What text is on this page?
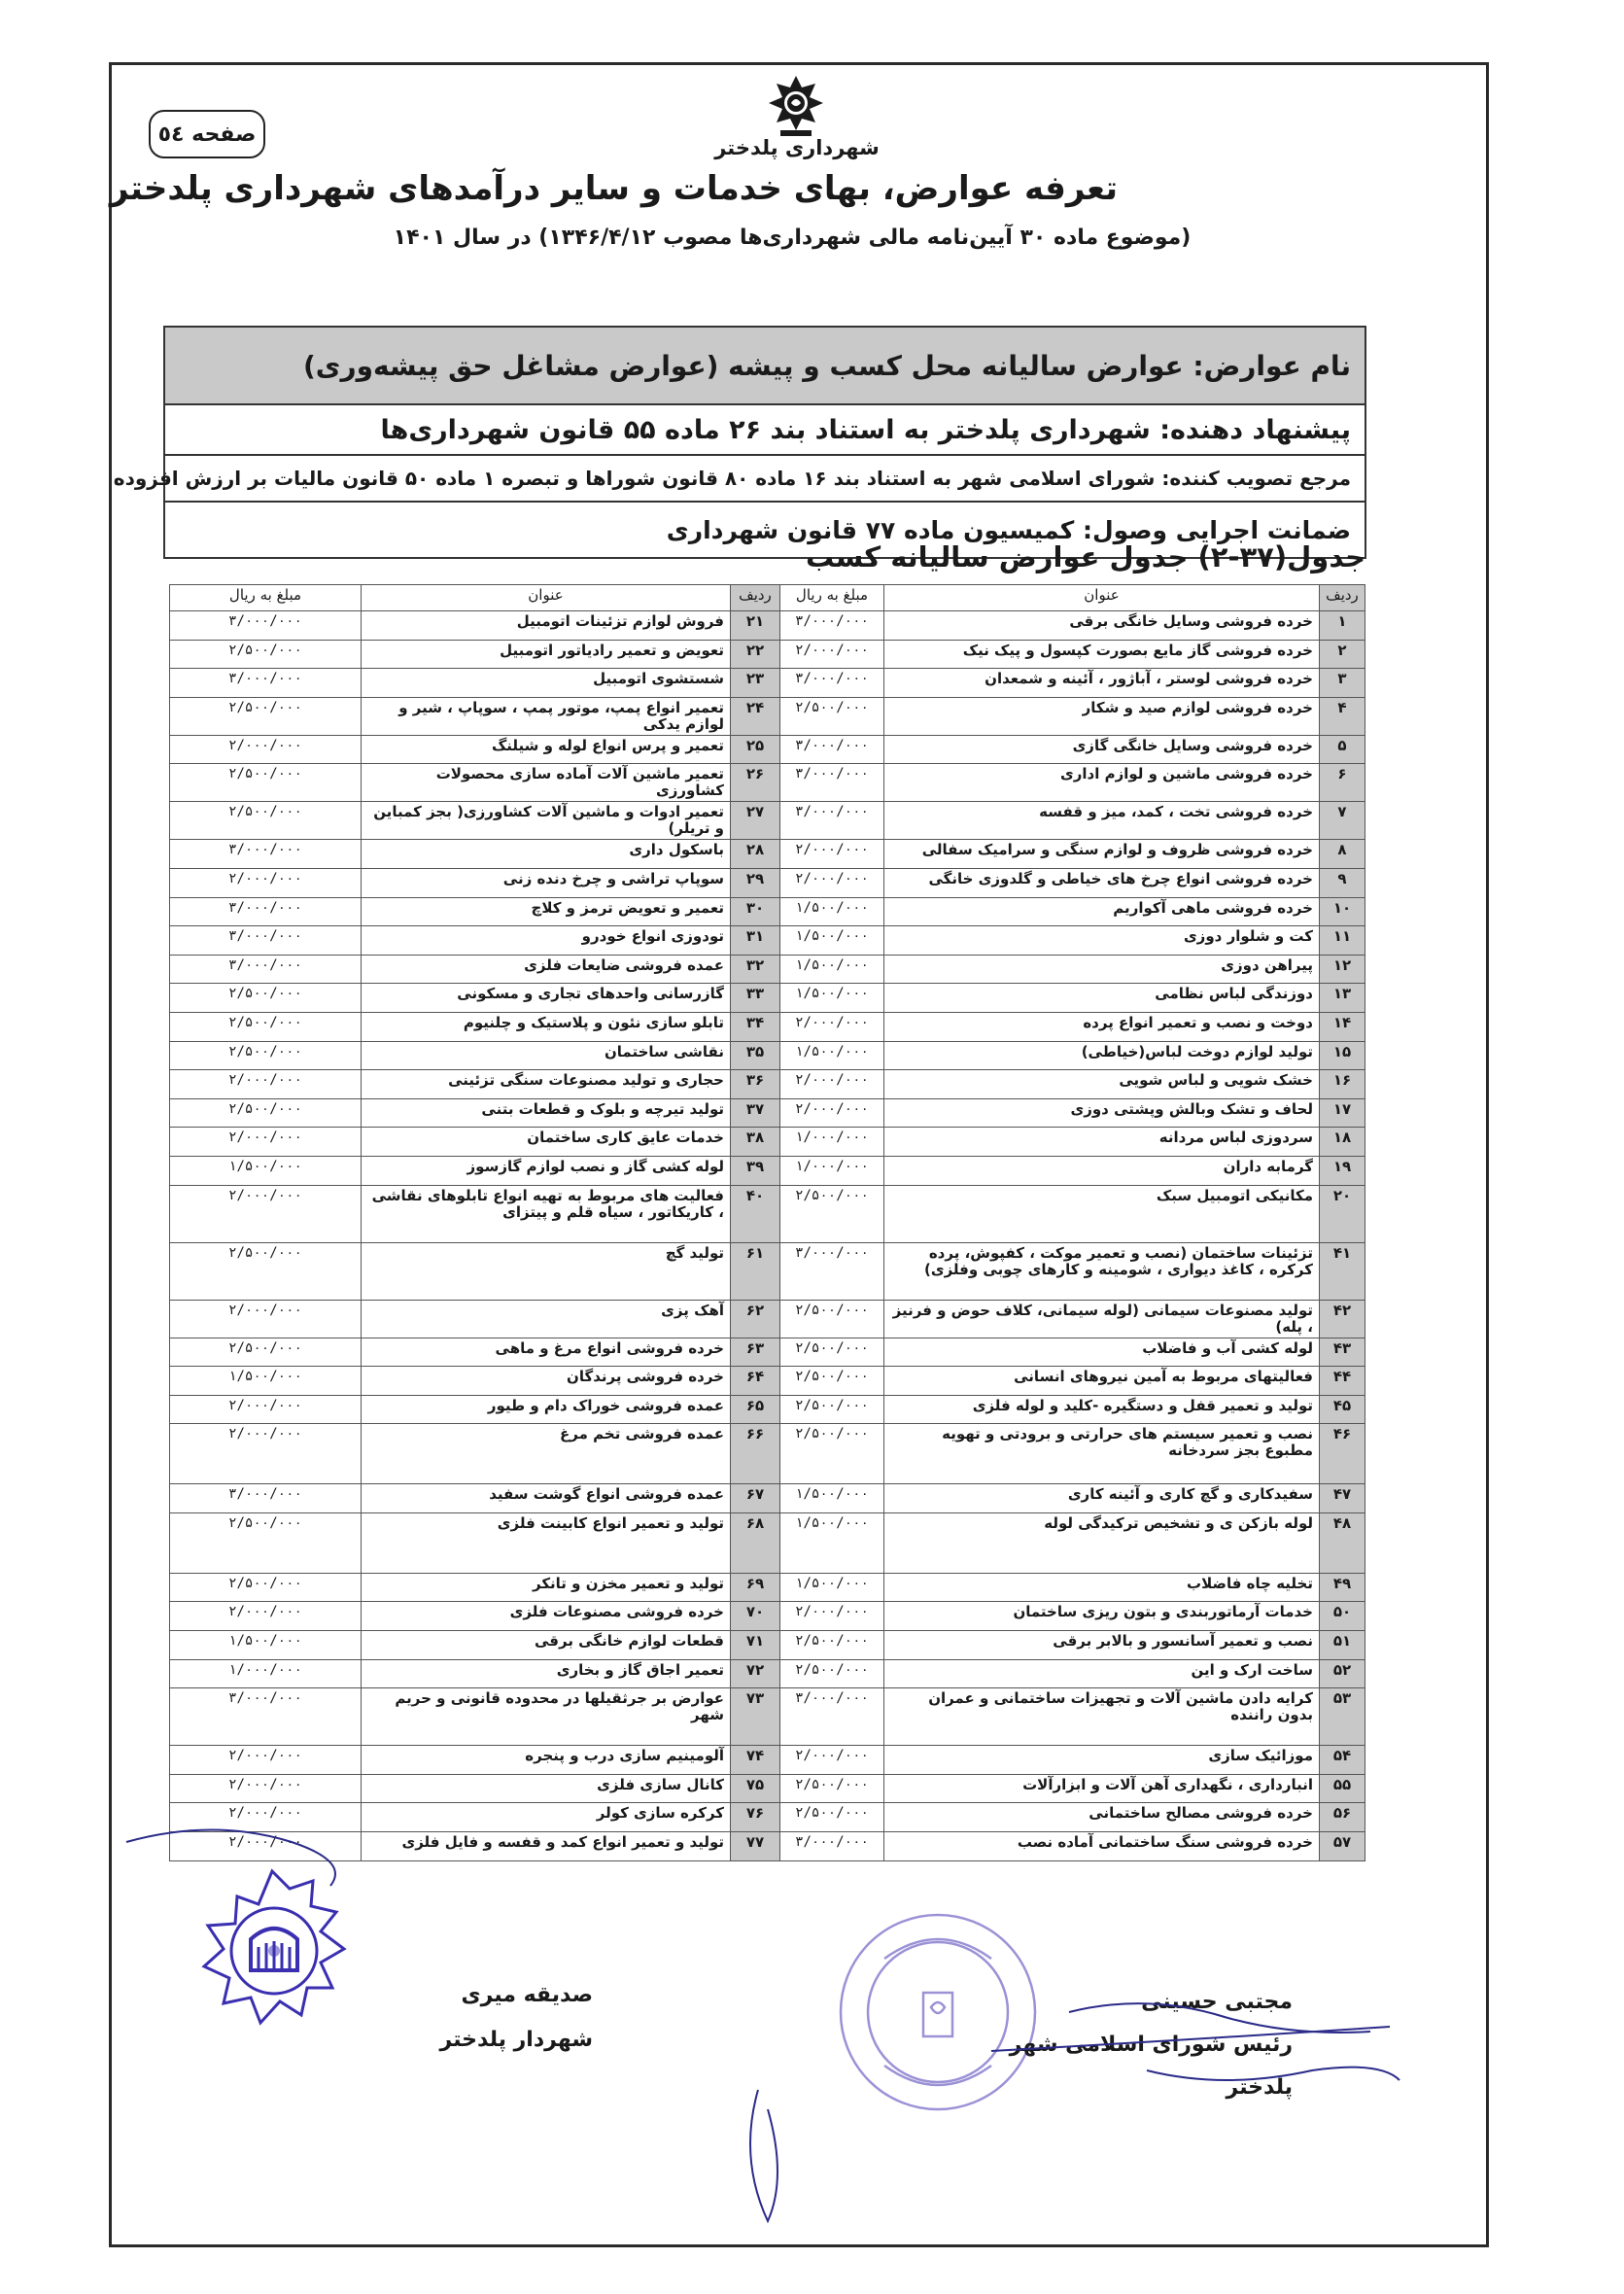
صفحه ٥٤
شهرداری پلدختر
تعرفه عوارض، بهای خدمات و سایر درآمدهای شهرداری پلدختر
(موضوع ماده ۳۰ آیین‌نامه مالی شهرداری‌ها مصوب ۱۳۴۶/۴/۱۲) در سال ۱۴۰۱
نام عوارض: عوارض سالیانه محل کسب و پیشه (عوارض مشاغل حق پیشه‌وری)
پیشنهاد دهنده: شهرداری پلدختر به استناد بند ۲۶ ماده ۵۵ قانون شهرداری‌ها
مرجع تصویب کننده: شورای اسلامی شهر به استناد بند ۱۶ ماده ۸۰ قانون شوراها و تبصره ۱ ماده ۵۰ قانون مالیات بر ارزش افزوده
ضمانت اجرایی وصول: کمیسیون ماده ۷۷ قانون شهرداری
جدول(۳۷-۲) جدول عوارض سالیانه کسب
ردیف	عنوان	مبلغ به ریال	ردیف	عنوان	مبلغ به ریال
۱	خرده فروشی وسایل خانگی برقی	۳/۰۰۰/۰۰۰	۲۱	فروش لوازم تزئینات اتومبیل	۳/۰۰۰/۰۰۰
۲	خرده فروشی گاز مایع بصورت کپسول و پیک نیک	۲/۰۰۰/۰۰۰	۲۲	تعویض و تعمیر رادیاتور اتومبیل	۲/۵۰۰/۰۰۰
۳	خرده فروشی لوستر ، آباژور ، آئینه و شمعدان	۳/۰۰۰/۰۰۰	۲۳	شستشوی اتومبیل	۳/۰۰۰/۰۰۰
۴	خرده فروشی لوازم صید و شکار	۲/۵۰۰/۰۰۰	۲۴	تعمیر انواع پمپ، موتور پمپ ، سوپاپ ، شیر و لوازم یدکی	۲/۵۰۰/۰۰۰
۵	خرده فروشی وسایل خانگی گازی	۳/۰۰۰/۰۰۰	۲۵	تعمیر و پرس انواع لوله و شیلنگ	۲/۰۰۰/۰۰۰
۶	خرده فروشی ماشین و لوازم اداری	۳/۰۰۰/۰۰۰	۲۶	تعمیر ماشین آلات آماده سازی محصولات کشاورزی	۲/۵۰۰/۰۰۰
۷	خرده فروشی تخت ، کمد، میز و قفسه	۳/۰۰۰/۰۰۰	۲۷	تعمیر ادوات و ماشین آلات کشاورزی( بجز کمباین و تریلر)	۲/۵۰۰/۰۰۰
۸	خرده فروشی ظروف و لوازم سنگی و سرامیک سفالی	۲/۰۰۰/۰۰۰	۲۸	باسکول داری	۳/۰۰۰/۰۰۰
۹	خرده فروشی انواع چرخ های خیاطی و گلدوزی خانگی	۲/۰۰۰/۰۰۰	۲۹	سوپاپ تراشی و چرخ دنده زنی	۲/۰۰۰/۰۰۰
۱۰	خرده فروشی ماهی آکواریم	۱/۵۰۰/۰۰۰	۳۰	تعمیر و تعویض ترمز و کلاچ	۳/۰۰۰/۰۰۰
۱۱	کت و شلوار دوزی	۱/۵۰۰/۰۰۰	۳۱	تودوزی انواع خودرو	۳/۰۰۰/۰۰۰
۱۲	پیراهن دوزی	۱/۵۰۰/۰۰۰	۳۲	عمده فروشی ضایعات فلزی	۳/۰۰۰/۰۰۰
۱۳	دوزندگی لباس نظامی	۱/۵۰۰/۰۰۰	۳۳	گازرسانی واحدهای تجاری و مسکونی	۲/۵۰۰/۰۰۰
۱۴	دوخت و نصب و تعمیر انواع پرده	۲/۰۰۰/۰۰۰	۳۴	تابلو سازی نئون و پلاستیک و چلنیوم	۲/۵۰۰/۰۰۰
۱۵	تولید لوازم دوخت لباس(خیاطی)	۱/۵۰۰/۰۰۰	۳۵	نقاشی ساختمان	۲/۵۰۰/۰۰۰
۱۶	خشک شویی و لباس شویی	۲/۰۰۰/۰۰۰	۳۶	حجاری و تولید مصنوعات سنگی تزئینی	۲/۰۰۰/۰۰۰
۱۷	لحاف و تشک وبالش وپشتی دوزی	۲/۰۰۰/۰۰۰	۳۷	تولید تیرچه و بلوک و قطعات بتنی	۲/۵۰۰/۰۰۰
۱۸	سردوزی لباس مردانه	۱/۰۰۰/۰۰۰	۳۸	خدمات عایق کاری ساختمان	۲/۰۰۰/۰۰۰
۱۹	گرمابه داران	۱/۰۰۰/۰۰۰	۳۹	لوله کشی گاز و نصب لوازم گازسوز	۱/۵۰۰/۰۰۰
۲۰	مکانیکی اتومبیل سبک	۲/۵۰۰/۰۰۰	۴۰	فعالیت های مربوط به تهیه انواع تابلوهای نقاشی ، کاریکاتور ، سیاه قلم و پیتزای	۲/۰۰۰/۰۰۰
۴۱	تزئینات ساختمان (نصب و تعمیر موکت ، کفپوش، پرده کرکره ، کاغذ دیواری ، شومینه و کارهای چوبی وفلزی)	۳/۰۰۰/۰۰۰	۶۱	تولید گچ	۲/۵۰۰/۰۰۰
۴۲	تولید مصنوعات سیمانی (لوله سیمانی، کلاف حوض و فرنیز ، پله)	۲/۵۰۰/۰۰۰	۶۲	آهک پزی	۲/۰۰۰/۰۰۰
۴۳	لوله کشی آب و فاضلاب	۲/۵۰۰/۰۰۰	۶۳	خرده فروشی انواع مرغ و ماهی	۲/۵۰۰/۰۰۰
۴۴	فعالیتهای مربوط به آمین نیروهای انسانی	۲/۵۰۰/۰۰۰	۶۴	خرده فروشی پرندگان	۱/۵۰۰/۰۰۰
۴۵	تولید و تعمیر قفل و دستگیره -کلید و لوله فلزی	۲/۵۰۰/۰۰۰	۶۵	عمده فروشی خوراک دام و طیور	۲/۰۰۰/۰۰۰
۴۶	نصب و تعمیر سیستم های حرارتی و برودتی و تهویه مطبوع بجز سردخانه	۲/۵۰۰/۰۰۰	۶۶	عمده فروشی تخم مرغ	۲/۰۰۰/۰۰۰
۴۷	سفیدکاری و گچ کاری و آئینه کاری	۱/۵۰۰/۰۰۰	۶۷	عمده فروشی انواع گوشت سفید	۳/۰۰۰/۰۰۰
۴۸	لوله بازکن ی و تشخیص ترکیدگی لوله	۱/۵۰۰/۰۰۰	۶۸	تولید و تعمیر انواع کابینت فلزی	۲/۵۰۰/۰۰۰
۴۹	تخلیه چاه فاضلاب	۱/۵۰۰/۰۰۰	۶۹	تولید و تعمیر مخزن و تانکر	۲/۵۰۰/۰۰۰
۵۰	خدمات آرماتوربندی و بتون ریزی ساختمان	۲/۰۰۰/۰۰۰	۷۰	خرده فروشی مصنوعات فلزی	۲/۰۰۰/۰۰۰
۵۱	نصب و تعمیر آسانسور و بالابر برقی	۲/۵۰۰/۰۰۰	۷۱	قطعات لوازم خانگی برقی	۱/۵۰۰/۰۰۰
۵۲	ساخت ارک و این	۲/۵۰۰/۰۰۰	۷۲	تعمیر اجاق گاز و بخاری	۱/۰۰۰/۰۰۰
۵۳	کرایه دادن ماشین آلات و تجهیزات ساختمانی و عمران بدون راننده	۳/۰۰۰/۰۰۰	۷۳	عوارض بر جرثقیلها در محدوده قانونی و حریم شهر	۳/۰۰۰/۰۰۰
۵۴	موزائیک سازی	۲/۰۰۰/۰۰۰	۷۴	آلومینیم سازی درب و پنجره	۲/۰۰۰/۰۰۰
۵۵	انبارداری ، نگهداری آهن آلات و ابزارآلات	۲/۵۰۰/۰۰۰	۷۵	کانال سازی فلزی	۲/۰۰۰/۰۰۰
۵۶	خرده فروشی مصالح ساختمانی	۲/۵۰۰/۰۰۰	۷۶	کرکره سازی کولر	۲/۰۰۰/۰۰۰
۵۷	خرده فروشی سنگ ساختمانی آماده نصب	۳/۰۰۰/۰۰۰	۷۷	تولید و تعمیر انواع کمد و قفسه و فایل فلزی	۲/۰۰۰/۰۰۰
مجتبی حسینی
رئیس شورای اسلامی شهر پلدختر
صدیقه میری
شهردار پلدختر
